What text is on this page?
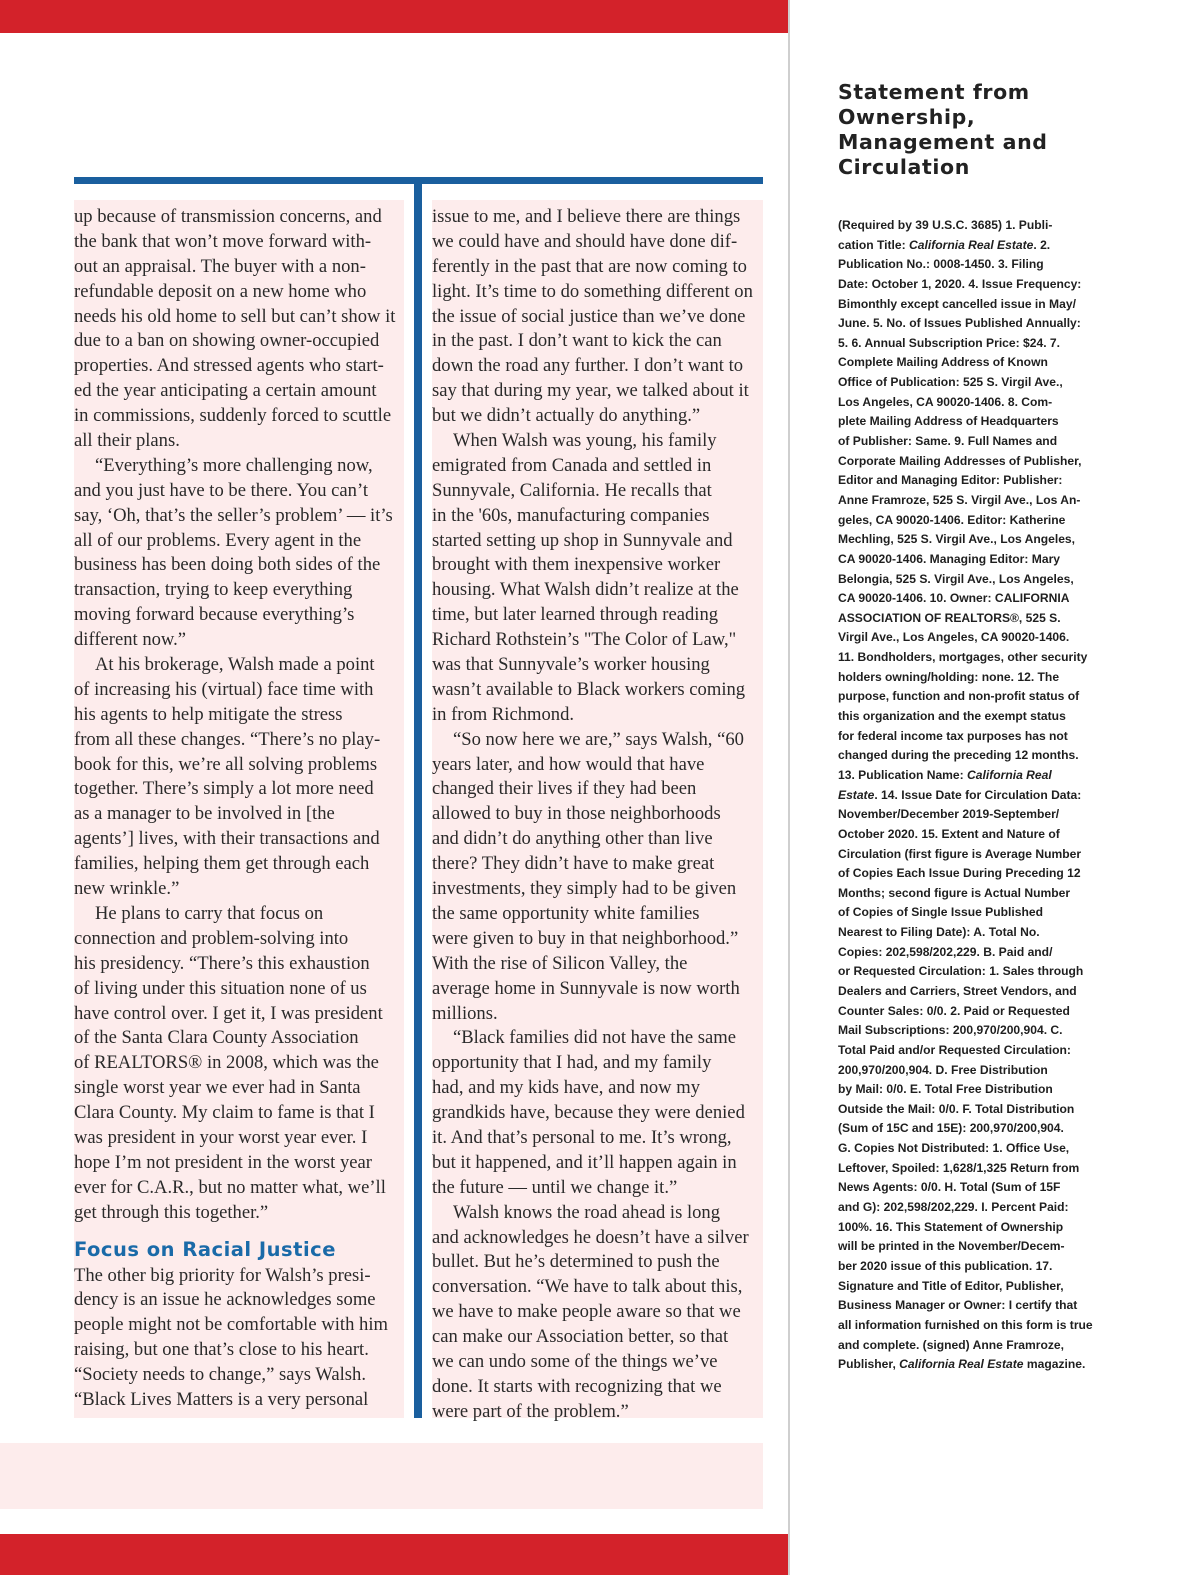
up because of transmission concerns, and
the bank that won’t move forward with-
out an appraisal. The buyer with a non-
refundable deposit on a new home who
needs his old home to sell but can’t show it
due to a ban on showing owner-occupied
properties. And stressed agents who start-
ed the year anticipating a certain amount
in commissions, suddenly forced to scuttle
all their plans.
“Everything’s more challenging now,
and you just have to be there. You can’t
say, ‘Oh, that’s the seller’s problem’ — it’s
all of our problems. Every agent in the
business has been doing both sides of the
transaction, trying to keep everything
moving forward because everything’s
different now.”
At his brokerage, Walsh made a point
of increasing his (virtual) face time with
his agents to help mitigate the stress
from all these changes. “There’s no play-
book for this, we’re all solving problems
together. There’s simply a lot more need
as a manager to be involved in [the
agents’] lives, with their transactions and
families, helping them get through each
new wrinkle.”
He plans to carry that focus on
connection and problem-solving into
his presidency. “There’s this exhaustion
of living under this situation none of us
have control over. I get it, I was president
of the Santa Clara County Association
of REALTORS® in 2008, which was the
single worst year we ever had in Santa
Clara County. My claim to fame is that I
was president in your worst year ever. I
hope I’m not president in the worst year
ever for C.A.R., but no matter what, we’ll
get through this together.”
Focus on Racial Justice
The other big priority for Walsh’s presi-
dency is an issue he acknowledges some
people might not be comfortable with him
raising, but one that’s close to his heart.
“Society needs to change,” says Walsh.
“Black Lives Matters is a very personal
issue to me, and I believe there are things
we could have and should have done dif-
ferently in the past that are now coming to
light. It’s time to do something different on
the issue of social justice than we’ve done
in the past. I don’t want to kick the can
down the road any further. I don’t want to
say that during my year, we talked about it
but we didn’t actually do anything.”
When Walsh was young, his family
emigrated from Canada and settled in
Sunnyvale, California. He recalls that
in the '60s, manufacturing companies
started setting up shop in Sunnyvale and
brought with them inexpensive worker
housing. What Walsh didn’t realize at the
time, but later learned through reading
Richard Rothstein’s "The Color of Law,"
was that Sunnyvale’s worker housing
wasn’t available to Black workers coming
in from Richmond.
“So now here we are,” says Walsh, “60
years later, and how would that have
changed their lives if they had been
allowed to buy in those neighborhoods
and didn’t do anything other than live
there? They didn’t have to make great
investments, they simply had to be given
the same opportunity white families
were given to buy in that neighborhood.”
With the rise of Silicon Valley, the
average home in Sunnyvale is now worth
millions.
“Black families did not have the same
opportunity that I had, and my family
had, and my kids have, and now my
grandkids have, because they were denied
it. And that’s personal to me. It’s wrong,
but it happened, and it’ll happen again in
the future — until we change it.”
Walsh knows the road ahead is long
and acknowledges he doesn’t have a silver
bullet. But he’s determined to push the
conversation. “We have to talk about this,
we have to make people aware so that we
can make our Association better, so that
we can undo some of the things we’ve
done. It starts with recognizing that we
were part of the problem.”
Statement from
Ownership,
Management and
Circulation
(Required by 39 U.S.C. 3685) 1. Publi-
cation Title: California Real Estate. 2.
Publication No.: 0008-1450. 3. Filing
Date: October 1, 2020. 4. Issue Frequency:
Bimonthly except cancelled issue in May/
June. 5. No. of Issues Published Annually:
5. 6. Annual Subscription Price: $24. 7.
Complete Mailing Address of Known
Office of Publication: 525 S. Virgil Ave.,
Los Angeles, CA 90020-1406. 8. Com-
plete Mailing Address of Headquarters
of Publisher: Same. 9. Full Names and
Corporate Mailing Addresses of Publisher,
Editor and Managing Editor: Publisher:
Anne Framroze, 525 S. Virgil Ave., Los An-
geles, CA 90020-1406. Editor: Katherine
Mechling, 525 S. Virgil Ave., Los Angeles,
CA 90020-1406. Managing Editor: Mary
Belongia, 525 S. Virgil Ave., Los Angeles,
CA 90020-1406. 10. Owner: CALIFORNIA
ASSOCIATION OF REALTORS®, 525 S.
Virgil Ave., Los Angeles, CA 90020-1406.
11. Bondholders, mortgages, other security
holders owning/holding: none. 12. The
purpose, function and non-profit status of
this organization and the exempt status
for federal income tax purposes has not
changed during the preceding 12 months.
13. Publication Name: California Real
Estate. 14. Issue Date for Circulation Data:
November/December 2019-September/
October 2020. 15. Extent and Nature of
Circulation (first figure is Average Number
of Copies Each Issue During Preceding 12
Months; second figure is Actual Number
of Copies of Single Issue Published
Nearest to Filing Date): A. Total No.
Copies: 202,598/202,229. B. Paid and/
or Requested Circulation: 1. Sales through
Dealers and Carriers, Street Vendors, and
Counter Sales: 0/0. 2. Paid or Requested
Mail Subscriptions: 200,970/200,904. C.
Total Paid and/or Requested Circulation:
200,970/200,904. D. Free Distribution
by Mail: 0/0. E. Total Free Distribution
Outside the Mail: 0/0. F. Total Distribution
(Sum of 15C and 15E): 200,970/200,904.
G. Copies Not Distributed: 1. Office Use,
Leftover, Spoiled: 1,628/1,325 Return from
News Agents: 0/0. H. Total (Sum of 15F
and G): 202,598/202,229. I. Percent Paid:
100%. 16. This Statement of Ownership
will be printed in the November/Decem-
ber 2020 issue of this publication. 17.
Signature and Title of Editor, Publisher,
Business Manager or Owner: I certify that
all information furnished on this form is true
and complete. (signed) Anne Framroze,
Publisher, California Real Estate magazine.
